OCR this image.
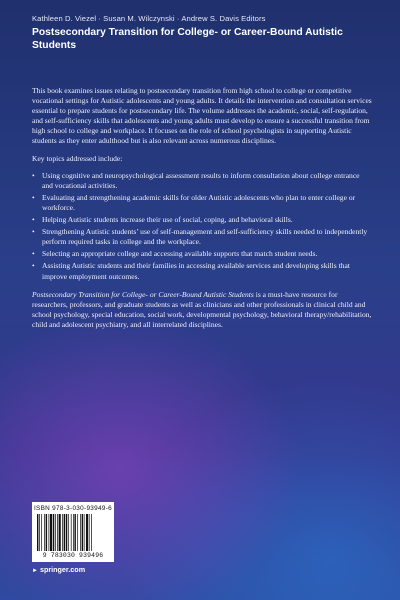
Kathleen D. Viezel · Susan M. Wilczynski · Andrew S. Davis Editors
Postsecondary Transition for College- or Career-Bound Autistic Students

This book examines issues relating to postsecondary transition from high school to college or competitive vocational settings for Autistic adolescents and young adults. It details the intervention and consultation services essential to prepare students for postsecondary life. The volume addresses the academic, social, self-regulation, and self-sufficiency skills that adolescents and young adults must develop to ensure a successful transition from high school to college and workplace. It focuses on the role of school psychologists in supporting Autistic students as they enter adulthood but is also relevant across numerous disciplines.

Key topics addressed include:

• Using cognitive and neuropsychological assessment results to inform consultation about college entrance and vocational activities.
• Evaluating and strengthening academic skills for older Autistic adolescents who plan to enter college or workforce.
• Helping Autistic students increase their use of social, coping, and behavioral skills.
• Strengthening Autistic students’ use of self-management and self-sufficiency skills needed to independently perform required tasks in college and the workplace.
• Selecting an appropriate college and accessing available supports that match student needs.
• Assisting Autistic students and their families in accessing available services and developing skills that improve employment outcomes.

Postsecondary Transition for College- or Career-Bound Autistic Students is a must-have resource for researchers, professors, and graduate students as well as clinicians and other professionals in clinical child and school psychology, special education, social work, developmental psychology, behavioral therapy/rehabilitation, child and adolescent psychiatry, and all interrelated disciplines.

ISBN 978-3-030-93949-6
9 783030 939496
► springer.com
